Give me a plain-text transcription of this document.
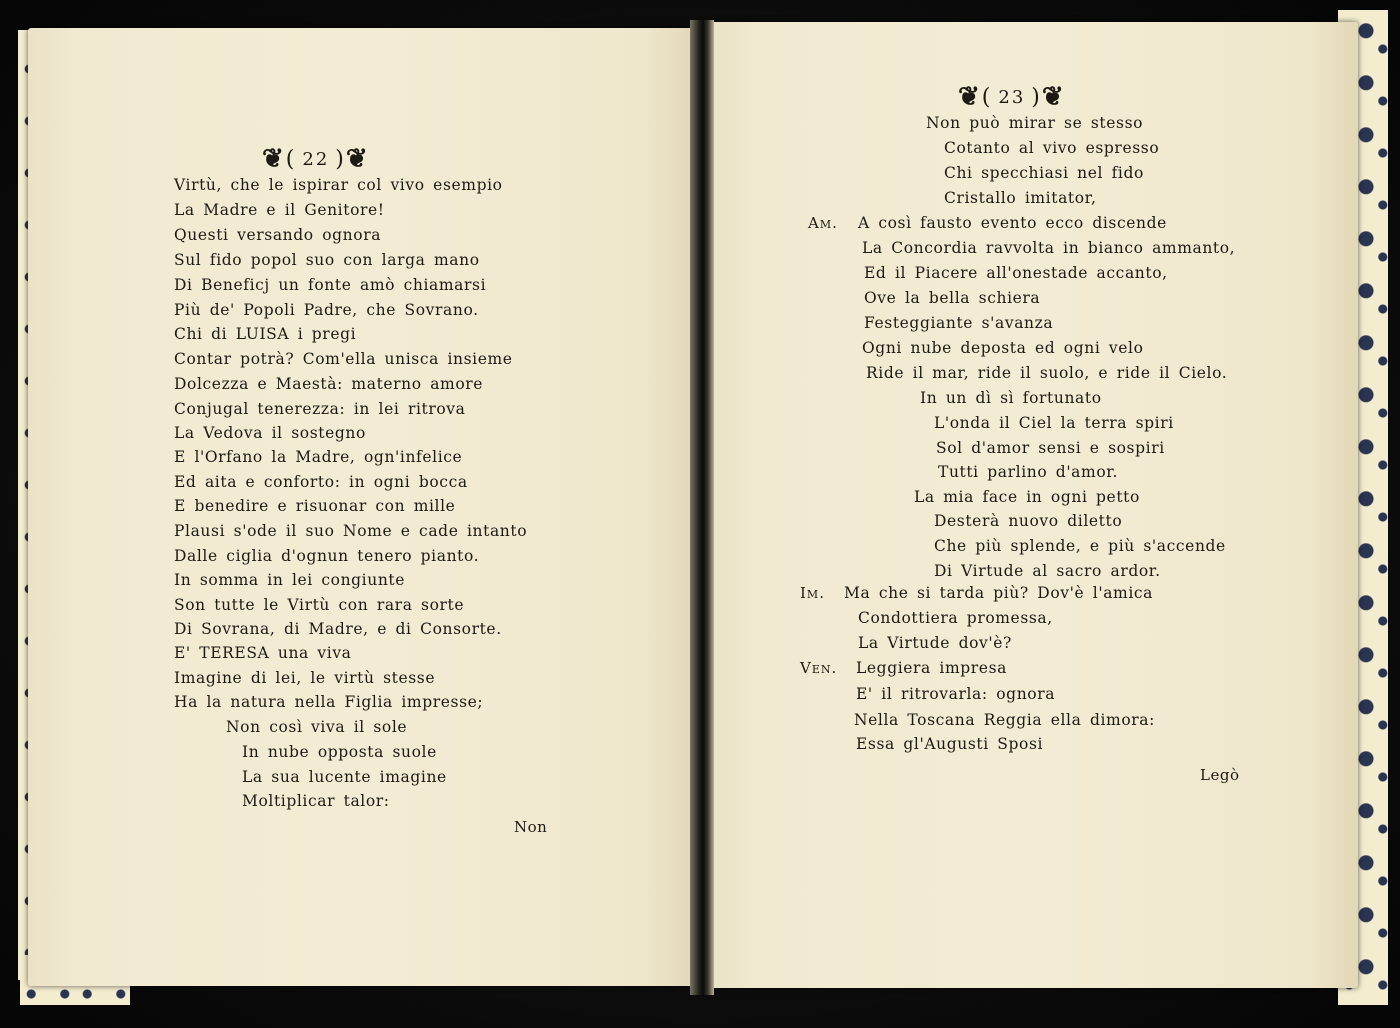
❦ ( 22 ) ❦
Virtù, che le ispirar col vivo esempio
La Madre e il Genitore!
Questi versando ognora
Sul fido popol suo con larga mano
Di Beneficj un fonte amò chiamarsi
Più de' Popoli Padre, che Sovrano.
Chi di LUISA i pregi
Contar potrà? Com'ella unisca insieme
Dolcezza e Maestà: materno amore
Conjugal tenerezza: in lei ritrova
La Vedova il sostegno
E l'Orfano la Madre, ogn'infelice
Ed aita e conforto: in ogni bocca
E benedire e risuonar con mille
Plausi s'ode il suo Nome e cade intanto
Dalle ciglia d'ognun tenero pianto.
In somma in lei congiunte
Son tutte le Virtù con rara sorte
Di Sovrana, di Madre, e di Consorte.
E' TERESA una viva
Imagine di lei, le virtù stesse
Ha la natura nella Figlia impresse;
Non così viva il sole
In nube opposta suole
La sua lucente imagine
Moltiplicar talor:
Non
❦ ( 23 ) ❦
Non può mirar se stesso
Cotanto al vivo espresso
Chi specchiasi nel fido
Cristallo imitator,
Am. A così fausto evento ecco discende
La Concordia ravvolta in bianco ammanto,
Ed il Piacere all'onestade accanto,
Ove la bella schiera
Festeggiante s'avanza
Ogni nube deposta ed ogni velo
Ride il mar, ride il suolo, e ride il Cielo.
In un dì sì fortunato
L'onda il Ciel la terra spiri
Sol d'amor sensi e sospiri
Tutti parlino d'amor.
La mia face in ogni petto
Desterà nuovo diletto
Che più splende, e più s'accende
Di Virtude al sacro ardor.
Im. Ma che si tarda più? Dov'è l'amica
Condottiera promessa,
La Virtude dov'è?
Ven. Leggiera impresa
E' il ritrovarla: ognora
Nella Toscana Reggia ella dimora:
Essa gl'Augusti Sposi
Legò
